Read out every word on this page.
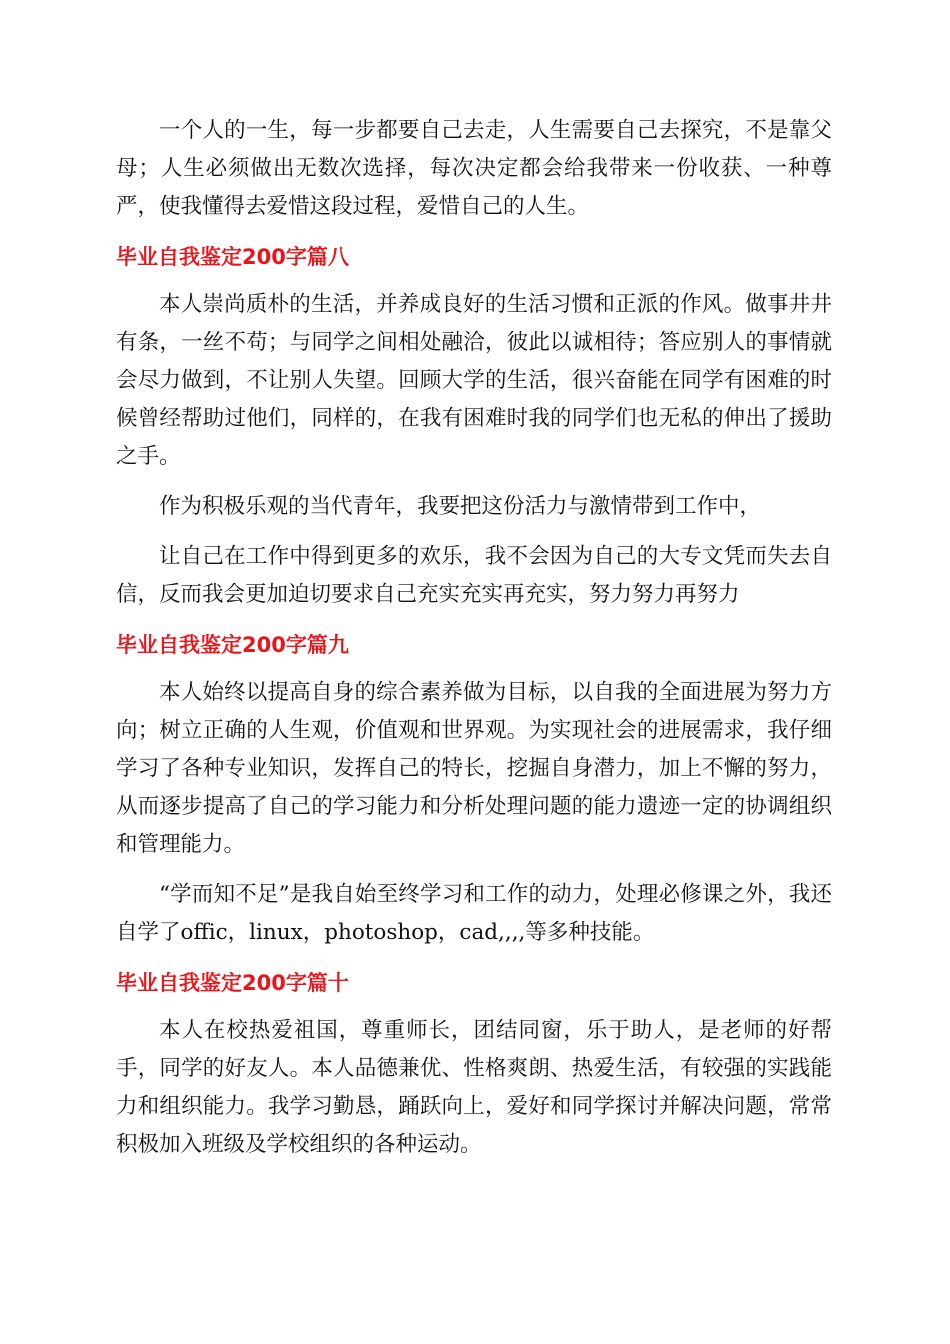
一个人的一生，每一步都要自己去走，人生需要自己去探究，不是靠父母；人生必须做出无数次选择，每次决定都会给我带来一份收获、一种尊严，使我懂得去爱惜这段过程，爱惜自己的人生。

毕业自我鉴定200字篇八

本人崇尚质朴的生活，并养成良好的生活习惯和正派的作风。做事井井有条，一丝不苟；与同学之间相处融洽，彼此以诚相待；答应别人的事情就会尽力做到，不让别人失望。回顾大学的生活，很兴奋能在同学有困难的时候曾经帮助过他们，同样的，在我有困难时我的同学们也无私的伸出了援助之手。

作为积极乐观的当代青年，我要把这份活力与激情带到工作中，

让自己在工作中得到更多的欢乐，我不会因为自己的大专文凭而失去自信，反而我会更加迫切要求自己充实充实再充实，努力努力再努力

毕业自我鉴定200字篇九

本人始终以提高自身的综合素养做为目标，以自我的全面进展为努力方向；树立正确的人生观，价值观和世界观。为实现社会的进展需求，我仔细学习了各种专业知识，发挥自己的特长，挖掘自身潜力，加上不懈的努力，从而逐步提高了自己的学习能力和分析处理问题的能力遗迹一定的协调组织和管理能力。

“学而知不足”是我自始至终学习和工作的动力，处理必修课之外，我还自学了offic，linux，photoshop，cad,,,,等多种技能。

毕业自我鉴定200字篇十

本人在校热爱祖国，尊重师长，团结同窗，乐于助人，是老师的好帮手，同学的好友人。本人品德兼优、性格爽朗、热爱生活，有较强的实践能力和组织能力。我学习勤恳，踊跃向上，爱好和同学探讨并解决问题，常常积极加入班级及学校组织的各种运动。
